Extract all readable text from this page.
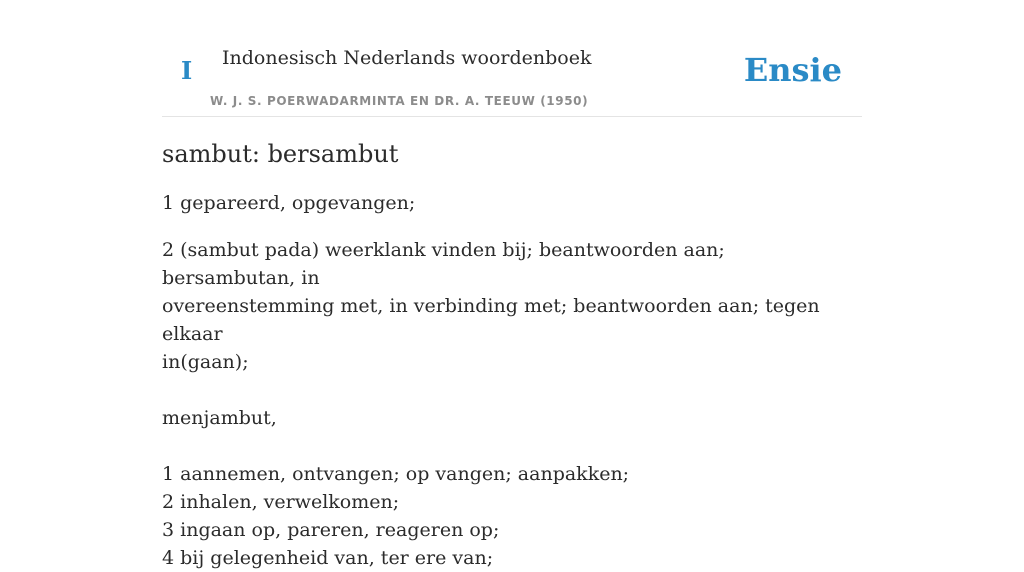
I Indonesisch Nederlands woordenboek
W. J. S. POERWADARMINTA EN DR. A. TEEUW (1950)
Ensie
sambut: bersambut

1 gepareerd, opgevangen;

2 (sambut pada) weerklank vinden bij; beantwoorden aan; bersambutan, in
overeenstemming met, in verbinding met; beantwoorden aan; tegen elkaar
in(gaan);

menjambut,

1 aannemen, ontvangen; op vangen; aanpakken;
2 inhalen, verwelkomen;
3 ingaan op, pareren, reageren op;
4 bij gelegenheid van, ter ere van;
